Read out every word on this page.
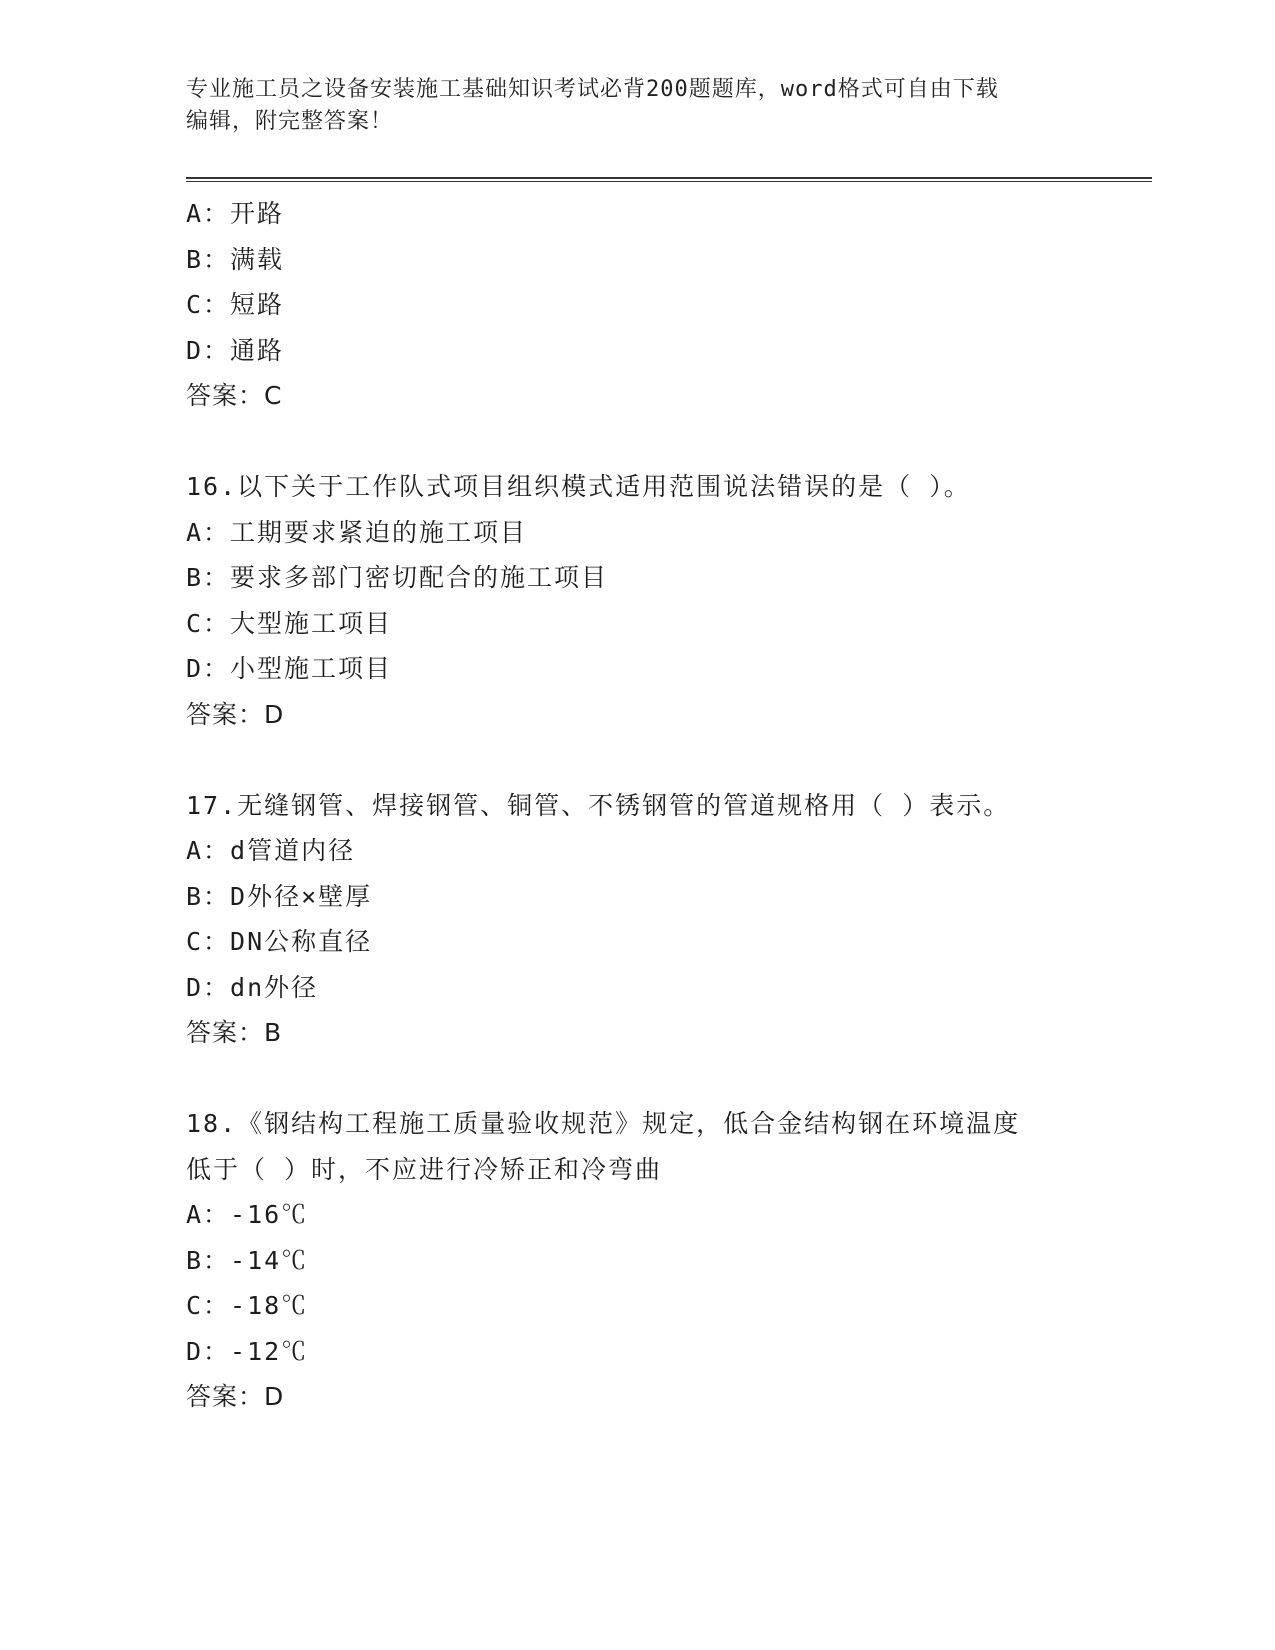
专业施工员之设备安装施工基础知识考试必背200题题库，word格式可自由下载
编辑，附完整答案！
A：开路
B：满载
C：短路
D：通路
答案：C
16.以下关于工作队式项目组织模式适用范围说法错误的是（ ）。
A：工期要求紧迫的施工项目
B：要求多部门密切配合的施工项目
C：大型施工项目
D：小型施工项目
答案：D
17.无缝钢管、焊接钢管、铜管、不锈钢管的管道规格用（ ）表示。
A：d管道内径
B：D外径×壁厚
C：DN公称直径
D：dn外径
答案：B
18.《钢结构工程施工质量验收规范》规定，低合金结构钢在环境温度
低于（ ）时，不应进行冷矫正和冷弯曲
A：-16℃
B：-14℃
C：-18℃
D：-12℃
答案：D
